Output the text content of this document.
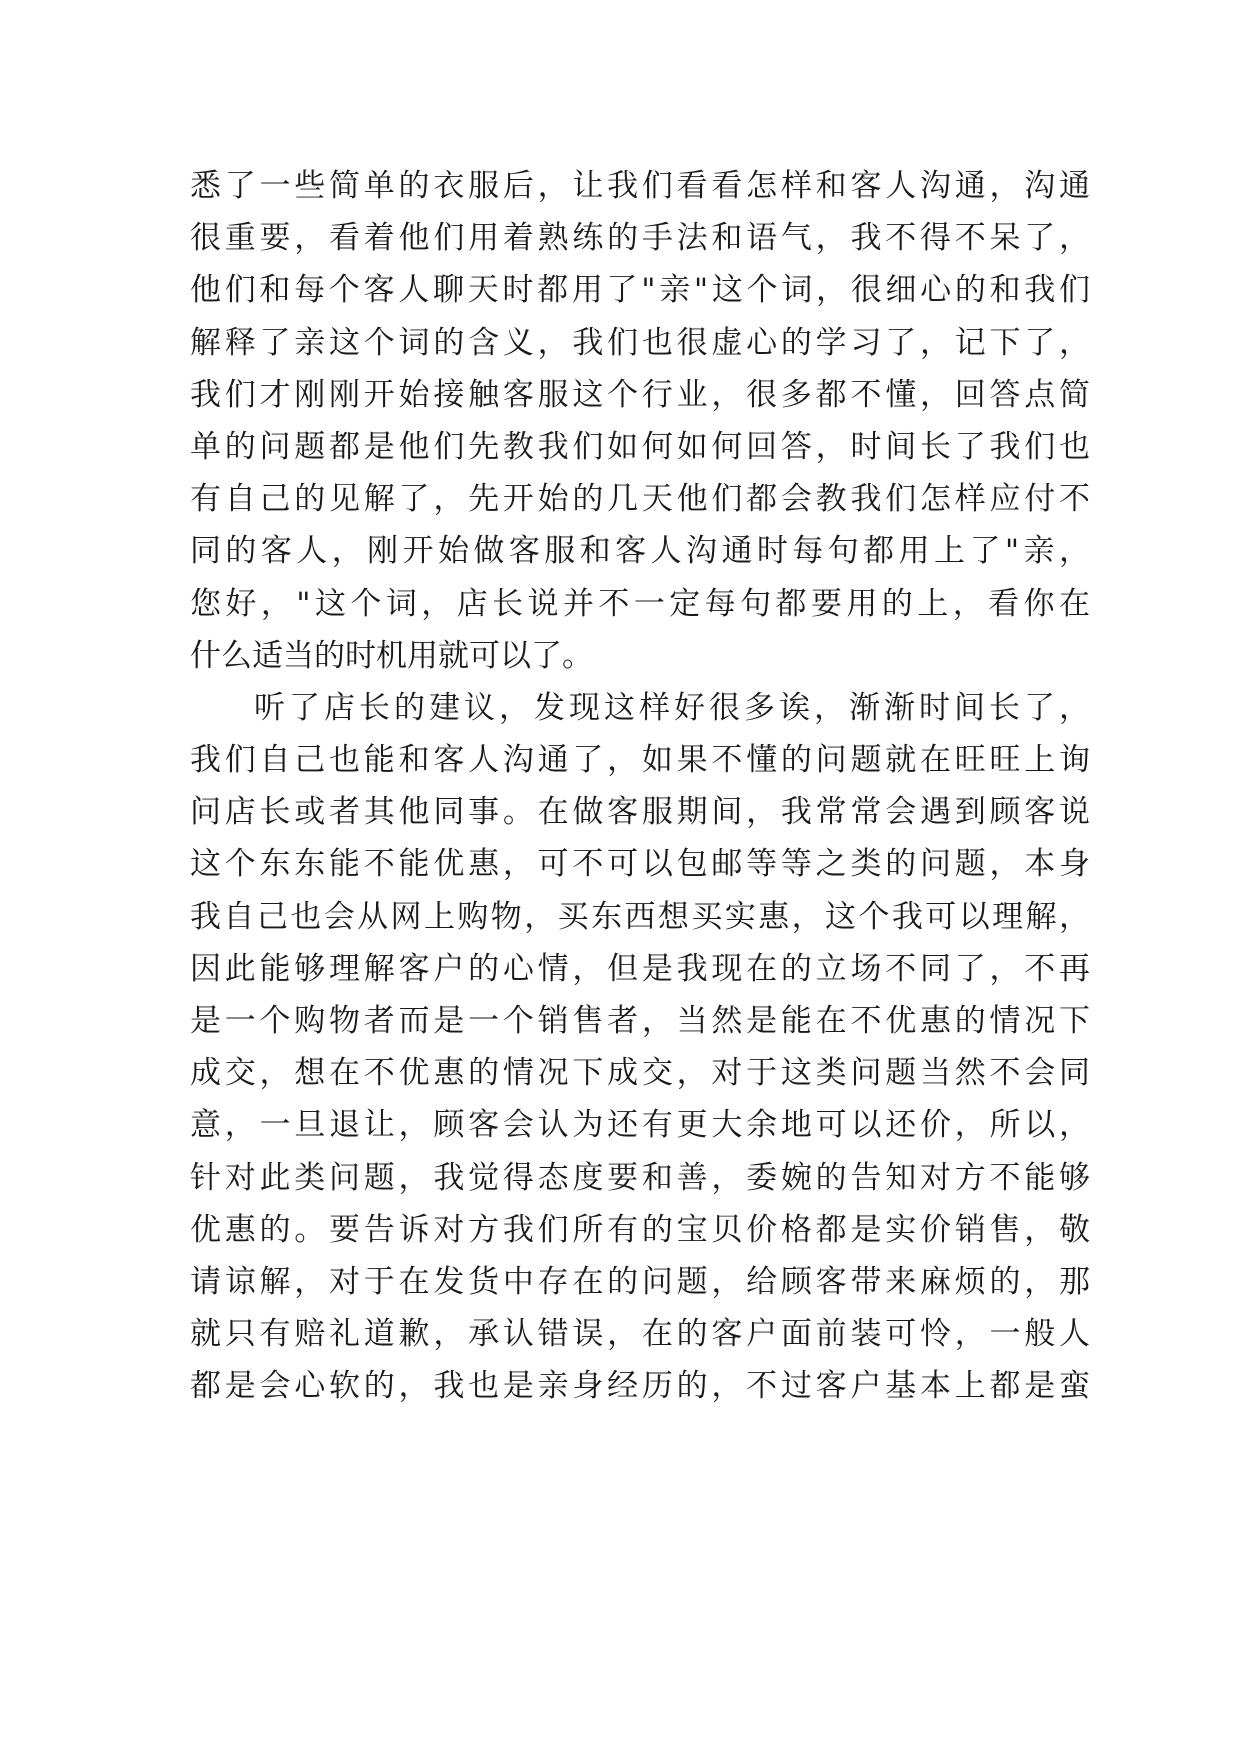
悉了一些简单的衣服后，让我们看看怎样和客人沟通，沟通
很重要，看着他们用着熟练的手法和语气，我不得不呆了，
他们和每个客人聊天时都用了"亲"这个词，很细心的和我们
解释了亲这个词的含义，我们也很虚心的学习了，记下了，
我们才刚刚开始接触客服这个行业，很多都不懂，回答点简
单的问题都是他们先教我们如何如何回答，时间长了我们也
有自己的见解了，先开始的几天他们都会教我们怎样应付不
同的客人，刚开始做客服和客人沟通时每句都用上了"亲，
您好，"这个词，店长说并不一定每句都要用的上，看你在
什么适当的时机用就可以了。
听了店长的建议，发现这样好很多诶，渐渐时间长了，
我们自己也能和客人沟通了，如果不懂的问题就在旺旺上询
问店长或者其他同事。在做客服期间，我常常会遇到顾客说
这个东东能不能优惠，可不可以包邮等等之类的问题，本身
我自己也会从网上购物，买东西想买实惠，这个我可以理解，
因此能够理解客户的心情，但是我现在的立场不同了，不再
是一个购物者而是一个销售者，当然是能在不优惠的情况下
成交，想在不优惠的情况下成交，对于这类问题当然不会同
意，一旦退让，顾客会认为还有更大余地可以还价，所以，
针对此类问题，我觉得态度要和善，委婉的告知对方不能够
优惠的。要告诉对方我们所有的宝贝价格都是实价销售，敬
请谅解，对于在发货中存在的问题，给顾客带来麻烦的，那
就只有赔礼道歉，承认错误，在的客户面前装可怜，一般人
都是会心软的，我也是亲身经历的，不过客户基本上都是蛮
